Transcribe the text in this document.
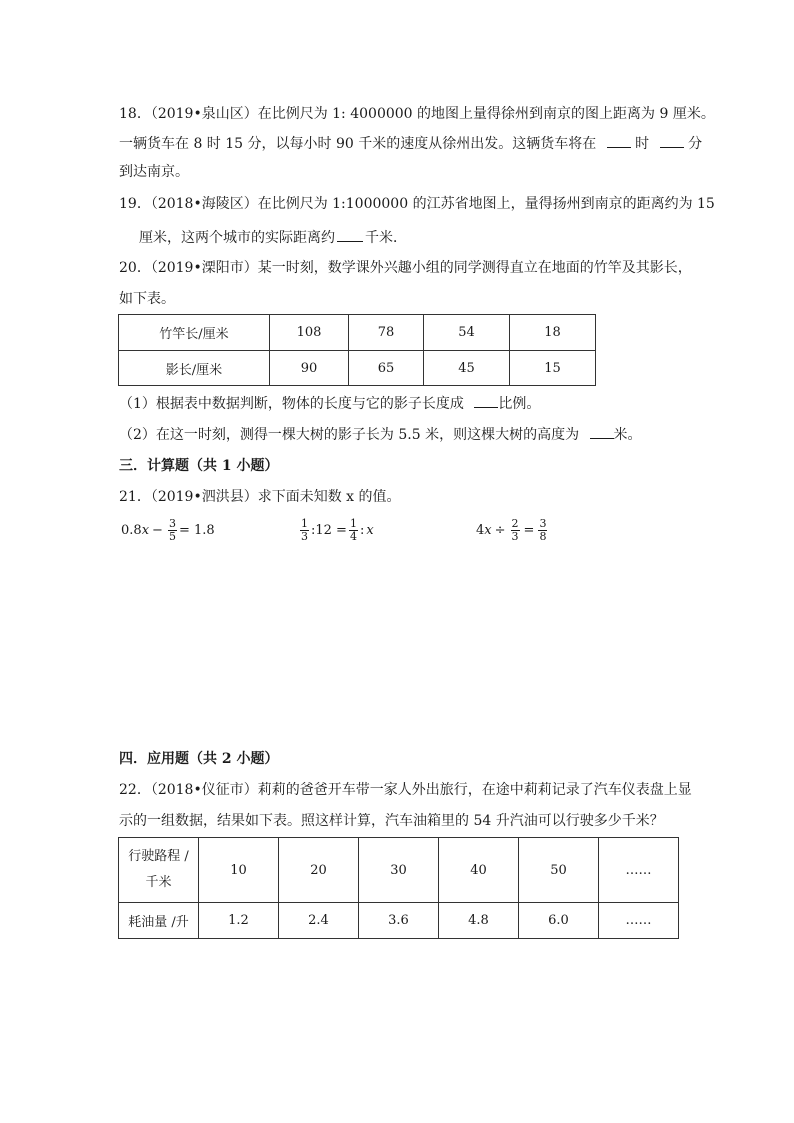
18．（2019•泉山区）在比例尺为 1: 4000000 的地图上量得徐州到南京的图上距离为 9 厘米。
一辆货车在 8 时 15 分，以每小时 90 千米的速度从徐州出发。这辆货车将在	时	分
到达南京。
19．（2018•海陵区）在比例尺为 1:1000000 的江苏省地图上，量得扬州到南京的距离约为 15
厘米，这两个城市的实际距离约 千米．
20．（2019•溧阳市）某一时刻，数学课外兴趣小组的同学测得直立在地面的竹竿及其影长，
如下表。
竹竿长/厘米	108	78	54	18
影长/厘米	90	65	45	15
（1）根据表中数据判断，物体的长度与它的影子长度成 比例。
（2）在这一时刻，测得一棵大树的影子长为 5.5 米，则这棵大树的高度为 米。
三．计算题（共 1 小题）
21．（2019•泗洪县）求下面未知数 x 的值。
0.8 $x - \frac{3}{5} = 1.8$	$\frac{1}{3}$ :12 = $\frac{1}{4}$ : x	4 $x \div \frac{2}{3} = \frac{3}{8}$
四．应用题（共 2 小题）
22．（2018•仪征市）莉莉的爸爸开车带一家人外出旅行，在途中莉莉记录了汽车仪表盘上显
示的一组数据，结果如下表。照这样计算，汽车油箱里的 54 升汽油可以行驶多少千米？
行驶路程 /
千米	10	20	30	40	50	……
耗油量 /升	1.2	2.4	3.6	4.8	6.0	……
